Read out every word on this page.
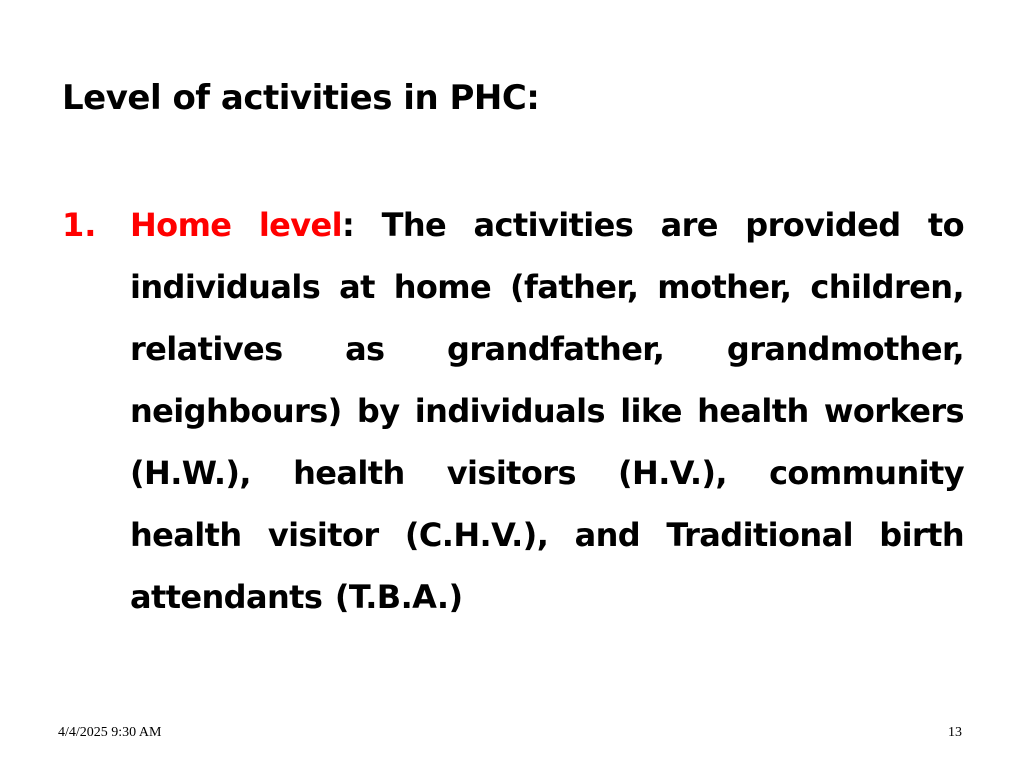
Level of activities in PHC:
1. Home level: The activities are provided to individuals at home (father, mother, children, relatives as grandfather, grandmother, neighbours) by individuals like health workers (H.W.), health visitors (H.V.), community health visitor (C.H.V.), and Traditional birth attendants (T.B.A.)
4/4/2025 9:30 AM	13
